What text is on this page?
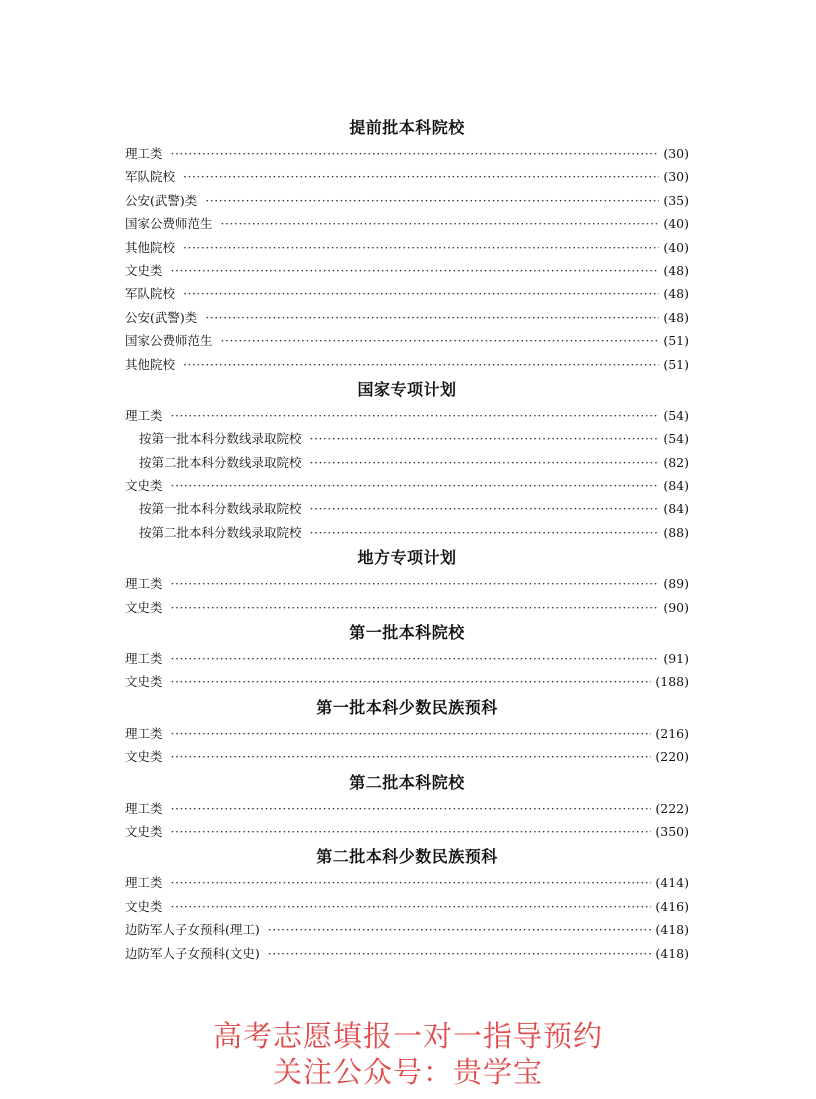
提前批本科院校
理工类 ·····	(30)
军队院校 ·····	(30)
公安(武警)类 ·····	(35)
国家公费师范生 ·····	(40)
其他院校 ·····	(40)
文史类 ·····	(48)
军队院校 ·····	(48)
公安(武警)类 ·····	(48)
国家公费师范生 ·····	(51)
其他院校 ·····	(51)
国家专项计划
理工类 ·····	(54)
按第一批本科分数线录取院校 ·····	(54)
按第二批本科分数线录取院校 ·····	(82)
文史类 ·····	(84)
按第一批本科分数线录取院校 ·····	(84)
按第二批本科分数线录取院校 ·····	(88)
地方专项计划
理工类 ·····	(89)
文史类 ·····	(90)
第一批本科院校
理工类 ·····	(91)
文史类 ·····	(188)
第一批本科少数民族预科
理工类 ·····	(216)
文史类 ·····	(220)
第二批本科院校
理工类 ·····	(222)
文史类 ·····	(350)
第二批本科少数民族预科
理工类 ·····	(414)
文史类 ·····	(416)
边防军人子女预科(理工) ·····	(418)
边防军人子女预科(文史) ·····	(418)
高考志愿填报一对一指导预约
关注公众号：贵学宝
